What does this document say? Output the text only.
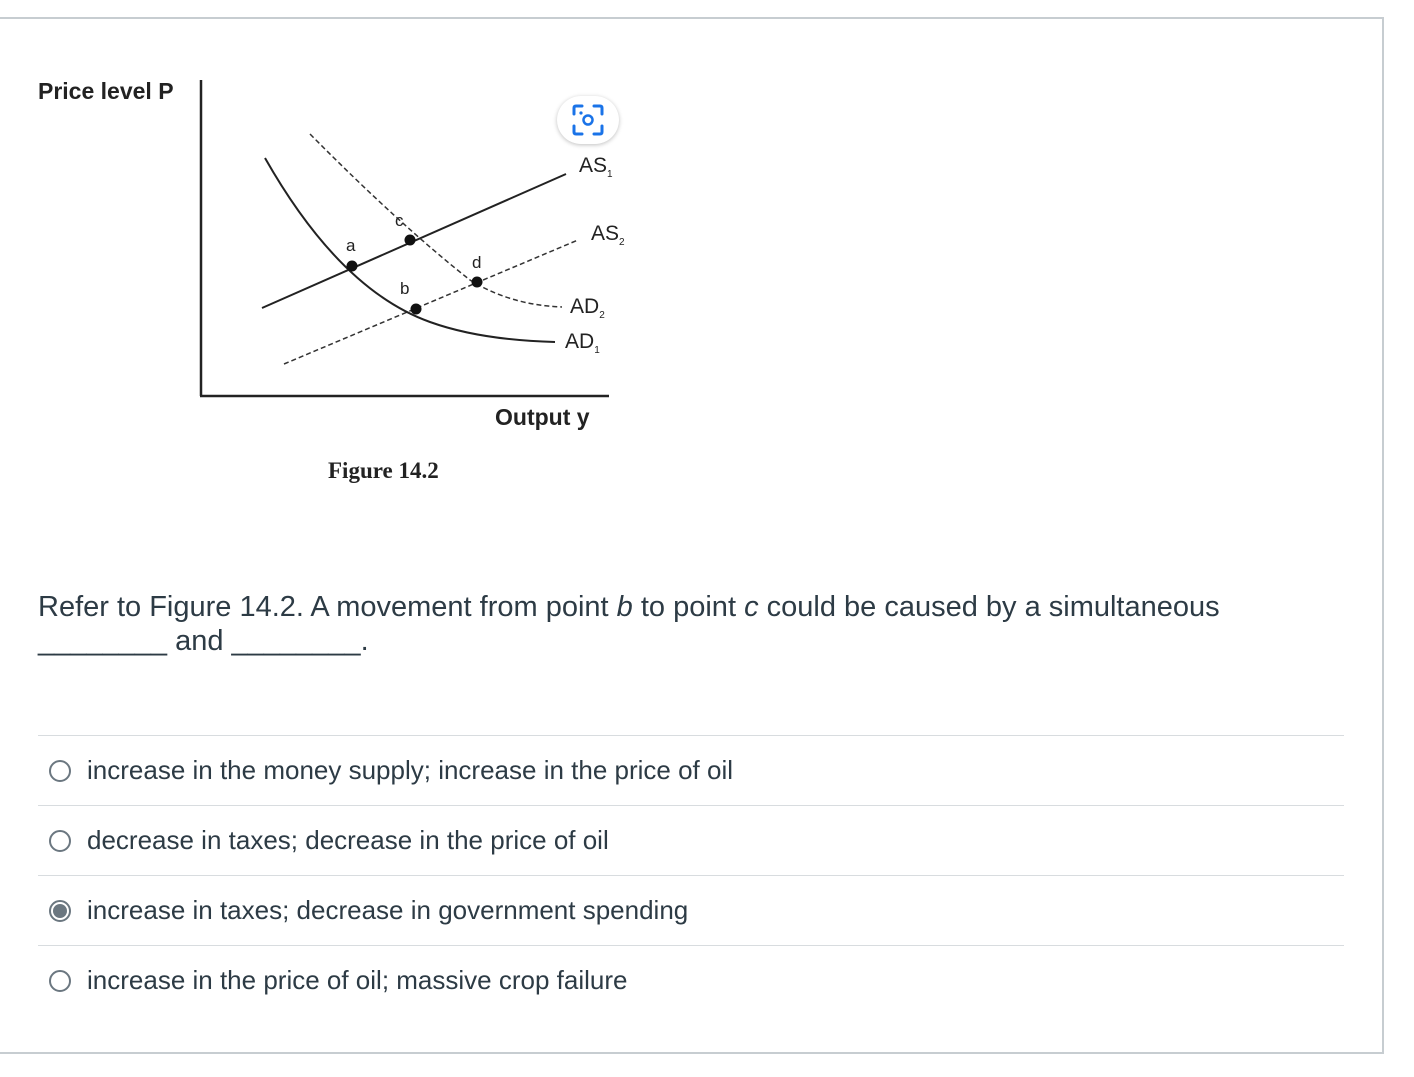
Price level P
Output y
a
b
c
d
$AS_1$
$AS_2$
$AD_2$
$AD_1$
Figure 14.2
Refer to Figure 14.2. A movement from point b to point c could be caused by a simultaneous
________ and ________.
increase in the money supply; increase in the price of oil
decrease in taxes; decrease in the price of oil
increase in taxes; decrease in government spending
increase in the price of oil; massive crop failure
